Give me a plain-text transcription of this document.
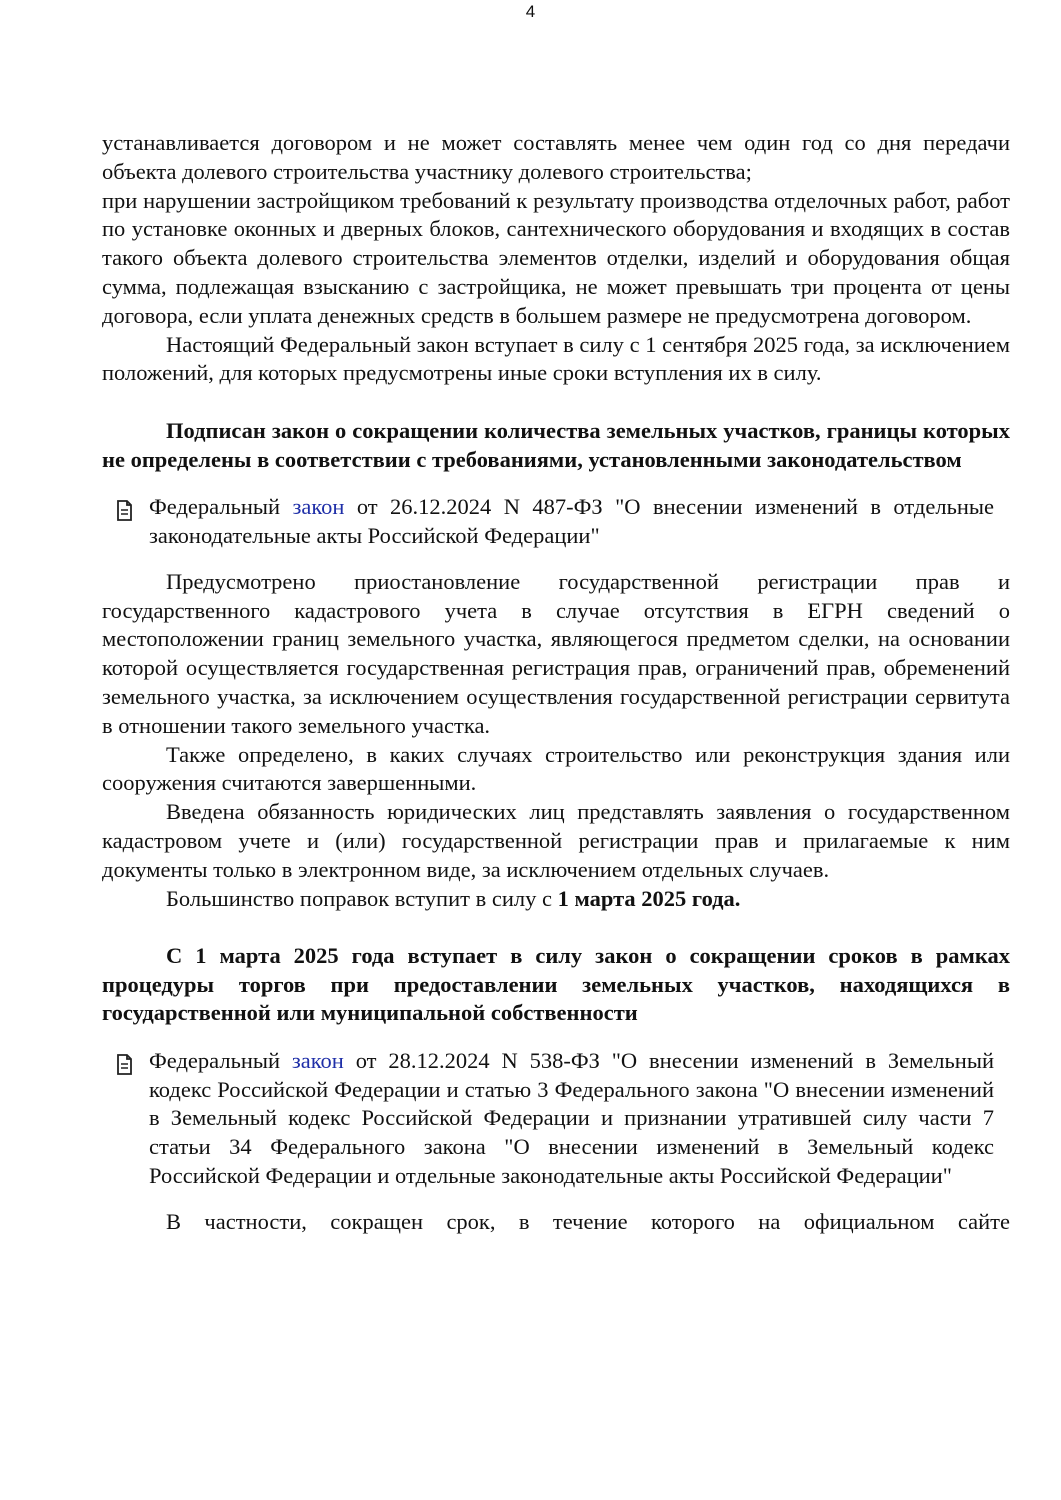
4

устанавливается договором и не может составлять менее чем один год со дня передачи объекта долевого строительства участнику долевого строительства;

при нарушении застройщиком требований к результату производства отделочных работ, работ по установке оконных и дверных блоков, сантехнического оборудования и входящих в состав такого объекта долевого строительства элементов отделки, изделий и оборудования общая сумма, подлежащая взысканию с застройщика, не может превышать три процента от цены договора, если уплата денежных средств в большем размере не предусмотрена договором.

Настоящий Федеральный закон вступает в силу с 1 сентября 2025 года, за исключением положений, для которых предусмотрены иные сроки вступления их в силу.

Подписан закон о сокращении количества земельных участков, границы которых не определены в соответствии с требованиями, установленными законодательством

Федеральный закон от 26.12.2024 N 487-ФЗ "О внесении изменений в отдельные законодательные акты Российской Федерации"

Предусмотрено приостановление государственной регистрации прав и государственного кадастрового учета в случае отсутствия в ЕГРН сведений о местоположении границ земельного участка, являющегося предметом сделки, на основании которой осуществляется государственная регистрация прав, ограничений прав, обременений земельного участка, за исключением осуществления государственной регистрации сервитута в отношении такого земельного участка.

Также определено, в каких случаях строительство или реконструкция здания или сооружения считаются завершенными.

Введена обязанность юридических лиц представлять заявления о государственном кадастровом учете и (или) государственной регистрации прав и прилагаемые к ним документы только в электронном виде, за исключением отдельных случаев.

Большинство поправок вступит в силу с 1 марта 2025 года.

С 1 марта 2025 года вступает в силу закон о сокращении сроков в рамках процедуры торгов при предоставлении земельных участков, находящихся в государственной или муниципальной собственности

Федеральный закон от 28.12.2024 N 538-ФЗ "О внесении изменений в Земельный кодекс Российской Федерации и статью 3 Федерального закона "О внесении изменений в Земельный кодекс Российской Федерации и признании утратившей силу части 7 статьи 34 Федерального закона "О внесении изменений в Земельный кодекс Российской Федерации и отдельные законодательные акты Российской Федерации"

В частности, сокращен срок, в течение которого на официальном сайте
